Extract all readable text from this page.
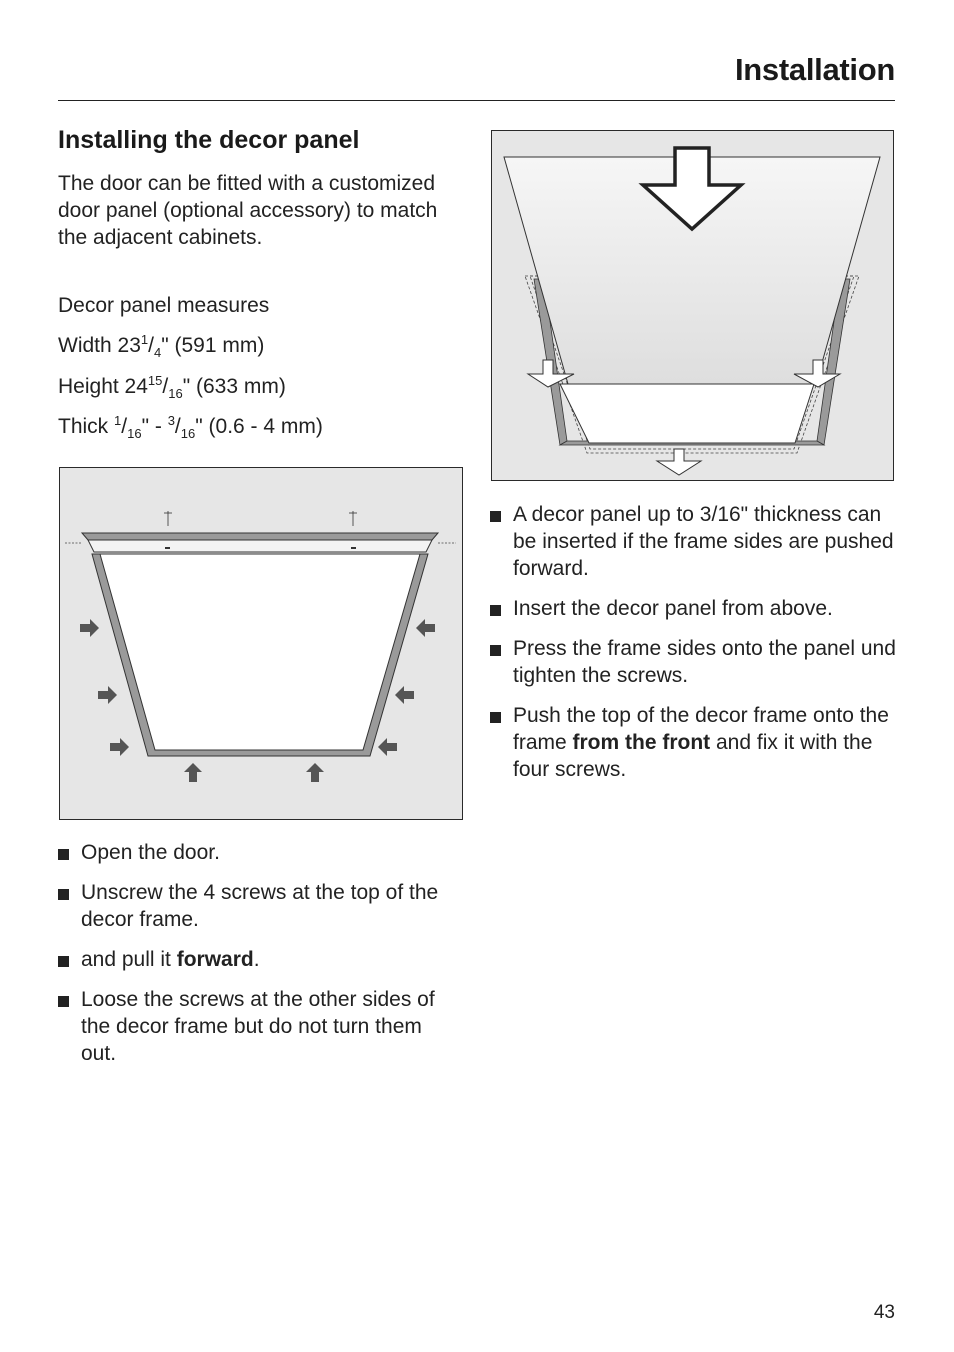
Installation
Installing the decor panel

The door can be fitted with a customized door panel (optional accessory) to match the adjacent cabinets.

Decor panel measures

Width $23^1/_4$" (591 mm)

Height $24^{15}/_{16}$" (633 mm)

Thick $^1/_{16}$" - $^3/_{16}$" (0.6 - 4 mm)

Open the door.
Unscrew the 4 screws at the top of the decor frame.
and pull it forward.
Loose the screws at the other sides of the decor frame but do not turn them out.
A decor panel up to 3/16" thickness can be inserted if the frame sides are pushed forward.
Insert the decor panel from above.
Press the frame sides onto the panel und tighten the screws.
Push the top of the decor frame onto the frame from the front and fix it with the four screws.
43
